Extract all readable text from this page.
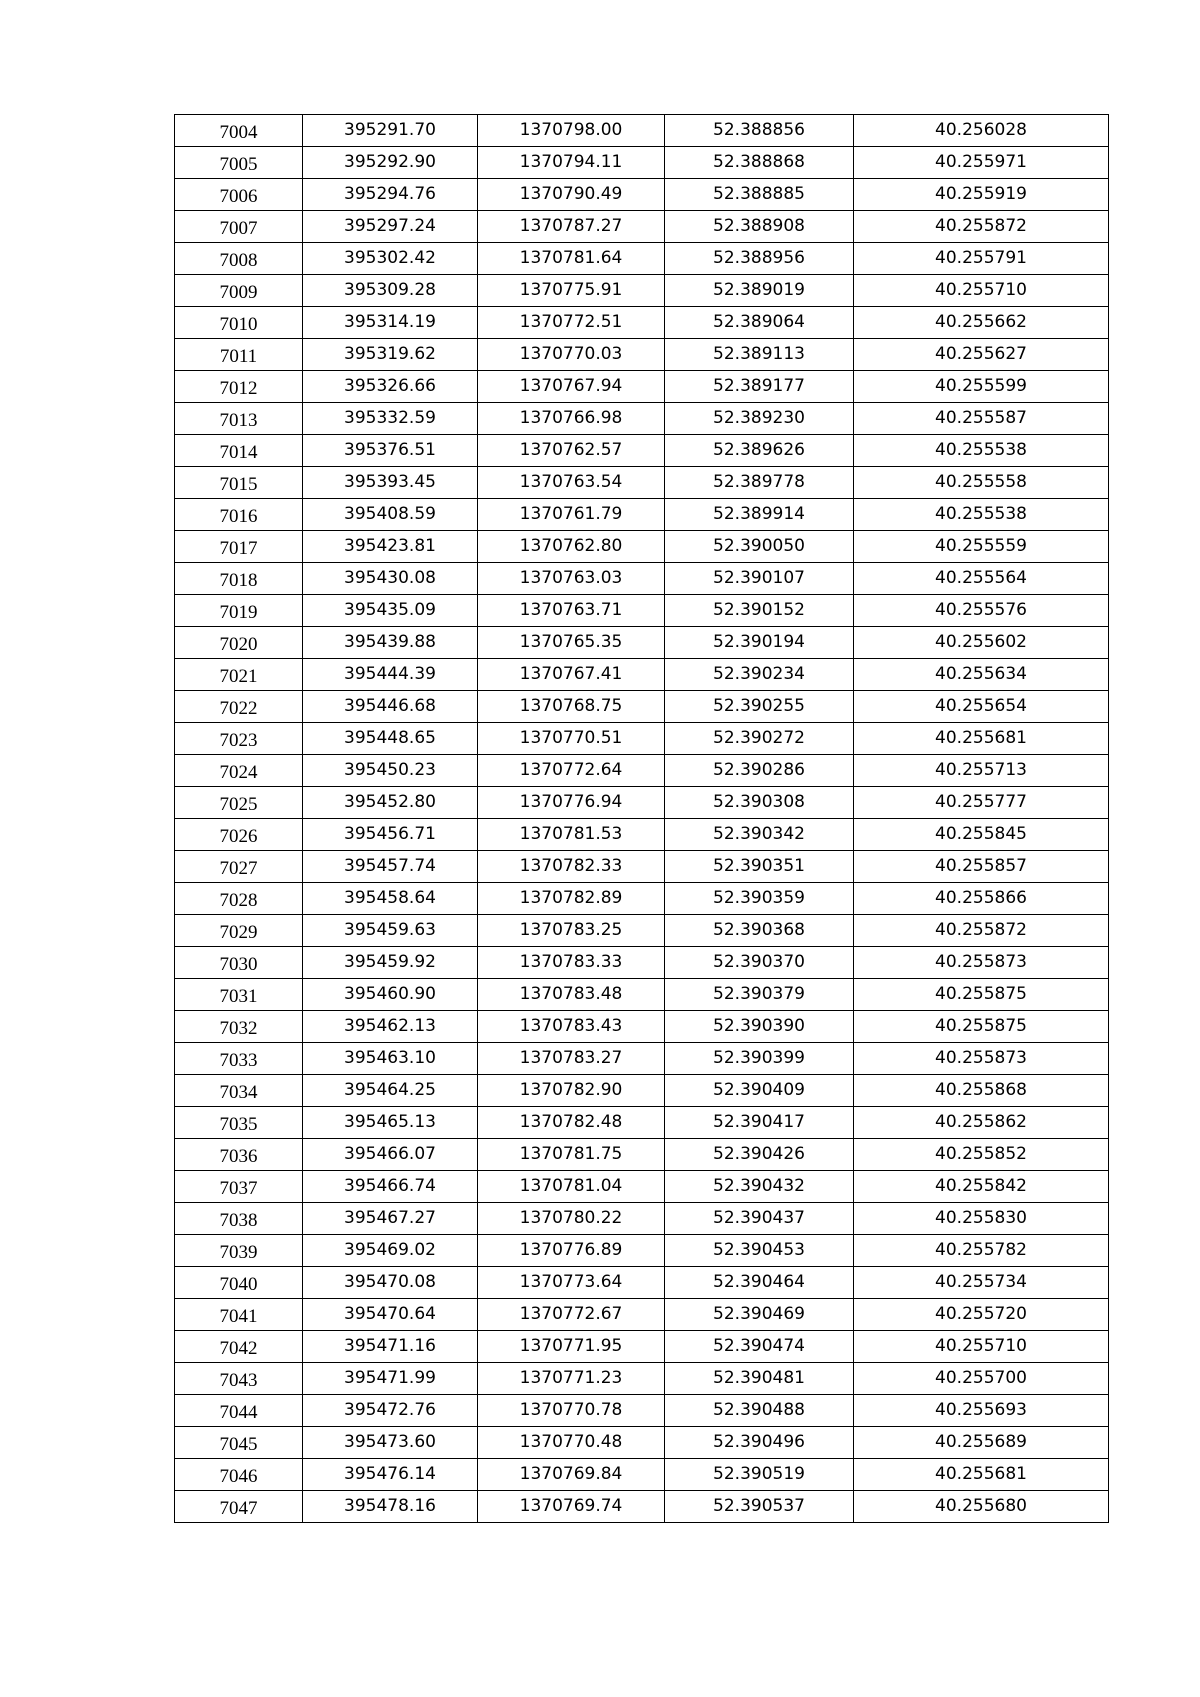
7004	395291.70	1370798.00	52.388856	40.256028
7005	395292.90	1370794.11	52.388868	40.255971
7006	395294.76	1370790.49	52.388885	40.255919
7007	395297.24	1370787.27	52.388908	40.255872
7008	395302.42	1370781.64	52.388956	40.255791
7009	395309.28	1370775.91	52.389019	40.255710
7010	395314.19	1370772.51	52.389064	40.255662
7011	395319.62	1370770.03	52.389113	40.255627
7012	395326.66	1370767.94	52.389177	40.255599
7013	395332.59	1370766.98	52.389230	40.255587
7014	395376.51	1370762.57	52.389626	40.255538
7015	395393.45	1370763.54	52.389778	40.255558
7016	395408.59	1370761.79	52.389914	40.255538
7017	395423.81	1370762.80	52.390050	40.255559
7018	395430.08	1370763.03	52.390107	40.255564
7019	395435.09	1370763.71	52.390152	40.255576
7020	395439.88	1370765.35	52.390194	40.255602
7021	395444.39	1370767.41	52.390234	40.255634
7022	395446.68	1370768.75	52.390255	40.255654
7023	395448.65	1370770.51	52.390272	40.255681
7024	395450.23	1370772.64	52.390286	40.255713
7025	395452.80	1370776.94	52.390308	40.255777
7026	395456.71	1370781.53	52.390342	40.255845
7027	395457.74	1370782.33	52.390351	40.255857
7028	395458.64	1370782.89	52.390359	40.255866
7029	395459.63	1370783.25	52.390368	40.255872
7030	395459.92	1370783.33	52.390370	40.255873
7031	395460.90	1370783.48	52.390379	40.255875
7032	395462.13	1370783.43	52.390390	40.255875
7033	395463.10	1370783.27	52.390399	40.255873
7034	395464.25	1370782.90	52.390409	40.255868
7035	395465.13	1370782.48	52.390417	40.255862
7036	395466.07	1370781.75	52.390426	40.255852
7037	395466.74	1370781.04	52.390432	40.255842
7038	395467.27	1370780.22	52.390437	40.255830
7039	395469.02	1370776.89	52.390453	40.255782
7040	395470.08	1370773.64	52.390464	40.255734
7041	395470.64	1370772.67	52.390469	40.255720
7042	395471.16	1370771.95	52.390474	40.255710
7043	395471.99	1370771.23	52.390481	40.255700
7044	395472.76	1370770.78	52.390488	40.255693
7045	395473.60	1370770.48	52.390496	40.255689
7046	395476.14	1370769.84	52.390519	40.255681
7047	395478.16	1370769.74	52.390537	40.255680
